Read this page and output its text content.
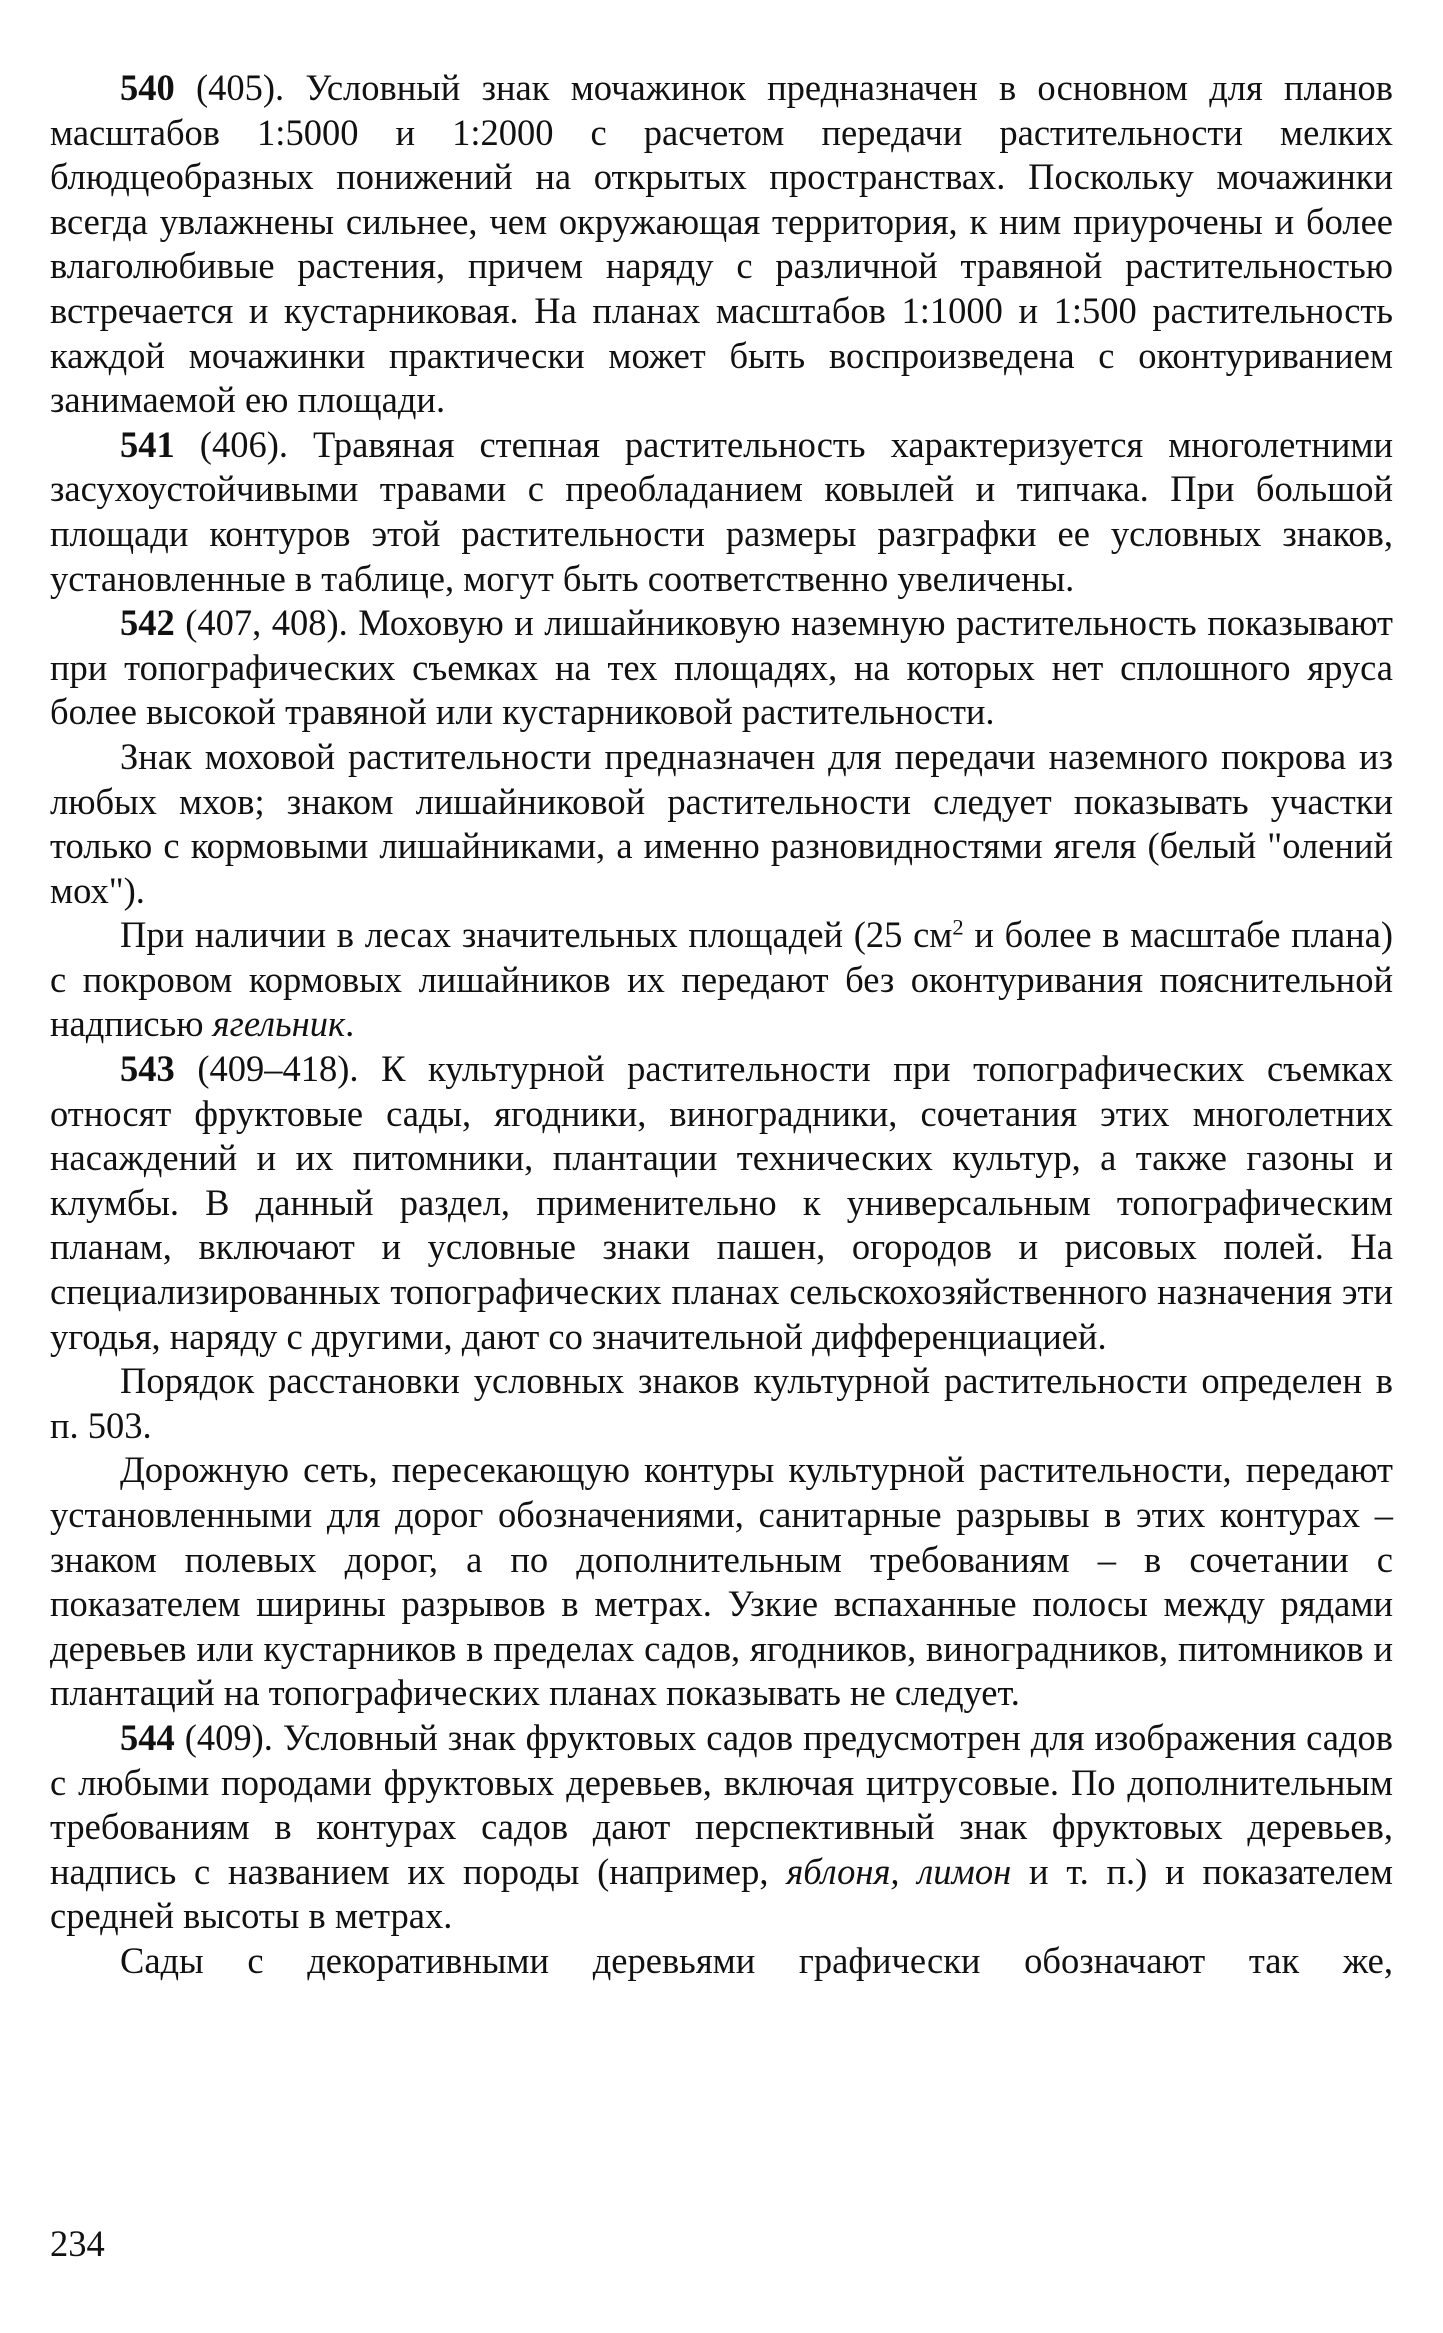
540 (405). Условный знак мочажинок предназначен в основном для планов масштабов 1:5000 и 1:2000 с расчетом передачи растительности мелких блюдцеобразных понижений на открытых пространствах. Поскольку мочажинки всегда увлажнены сильнее, чем окружающая территория, к ним приурочены и более влаголюбивые растения, причем наряду с различной травяной растительностью встречается и кустарниковая. На планах масштабов 1:1000 и 1:500 растительность каждой мочажинки практически может быть воспроизведена с оконтуриванием занимаемой ею площади.

541 (406). Травяная степная растительность характеризуется многолетними засухоустойчивыми травами с преобладанием ковылей и типчака. При большой площади контуров этой растительности размеры разграфки ее условных знаков, установленные в таблице, могут быть соответственно увеличены.

542 (407, 408). Моховую и лишайниковую наземную растительность показывают при топографических съемках на тех площадях, на которых нет сплошного яруса более высокой травяной или кустарниковой растительности.

Знак моховой растительности предназначен для передачи наземного покрова из любых мхов; знаком лишайниковой растительности следует показывать участки только с кормовыми лишайниками, а именно разновидностями ягеля (белый "олений мох").

При наличии в лесах значительных площадей (25 $см^2$ и более в масштабе плана) с покровом кормовых лишайников их передают без оконтуривания пояснительной надписью ягельник.

543 (409–418). К культурной растительности при топографических съемках относят фруктовые сады, ягодники, виноградники, сочетания этих многолетних насаждений и их питомники, плантации технических культур, а также газоны и клумбы. В данный раздел, применительно к универсальным топографическим планам, включают и условные знаки пашен, огородов и рисовых полей. На специализированных топографических планах сельскохозяйственного назначения эти угодья, наряду с другими, дают со значительной дифференциацией.

Порядок расстановки условных знаков культурной растительности определен в п. 503.

Дорожную сеть, пересекающую контуры культурной растительности, передают установленными для дорог обозначениями, санитарные разрывы в этих контурах – знаком полевых дорог, а по дополнительным требованиям – в сочетании с показателем ширины разрывов в метрах. Узкие вспаханные полосы между рядами деревьев или кустарников в пределах садов, ягодников, виноградников, питомников и плантаций на топографических планах показывать не следует.

544 (409). Условный знак фруктовых садов предусмотрен для изображения садов с любыми породами фруктовых деревьев, включая цитрусовые. По дополнительным требованиям в контурах садов дают перспективный знак фруктовых деревьев, надпись с названием их породы (например, яблоня, лимон и т. п.) и показателем средней высоты в метрах.

Сады с декоративными деревьями графически обозначают так же,

234
